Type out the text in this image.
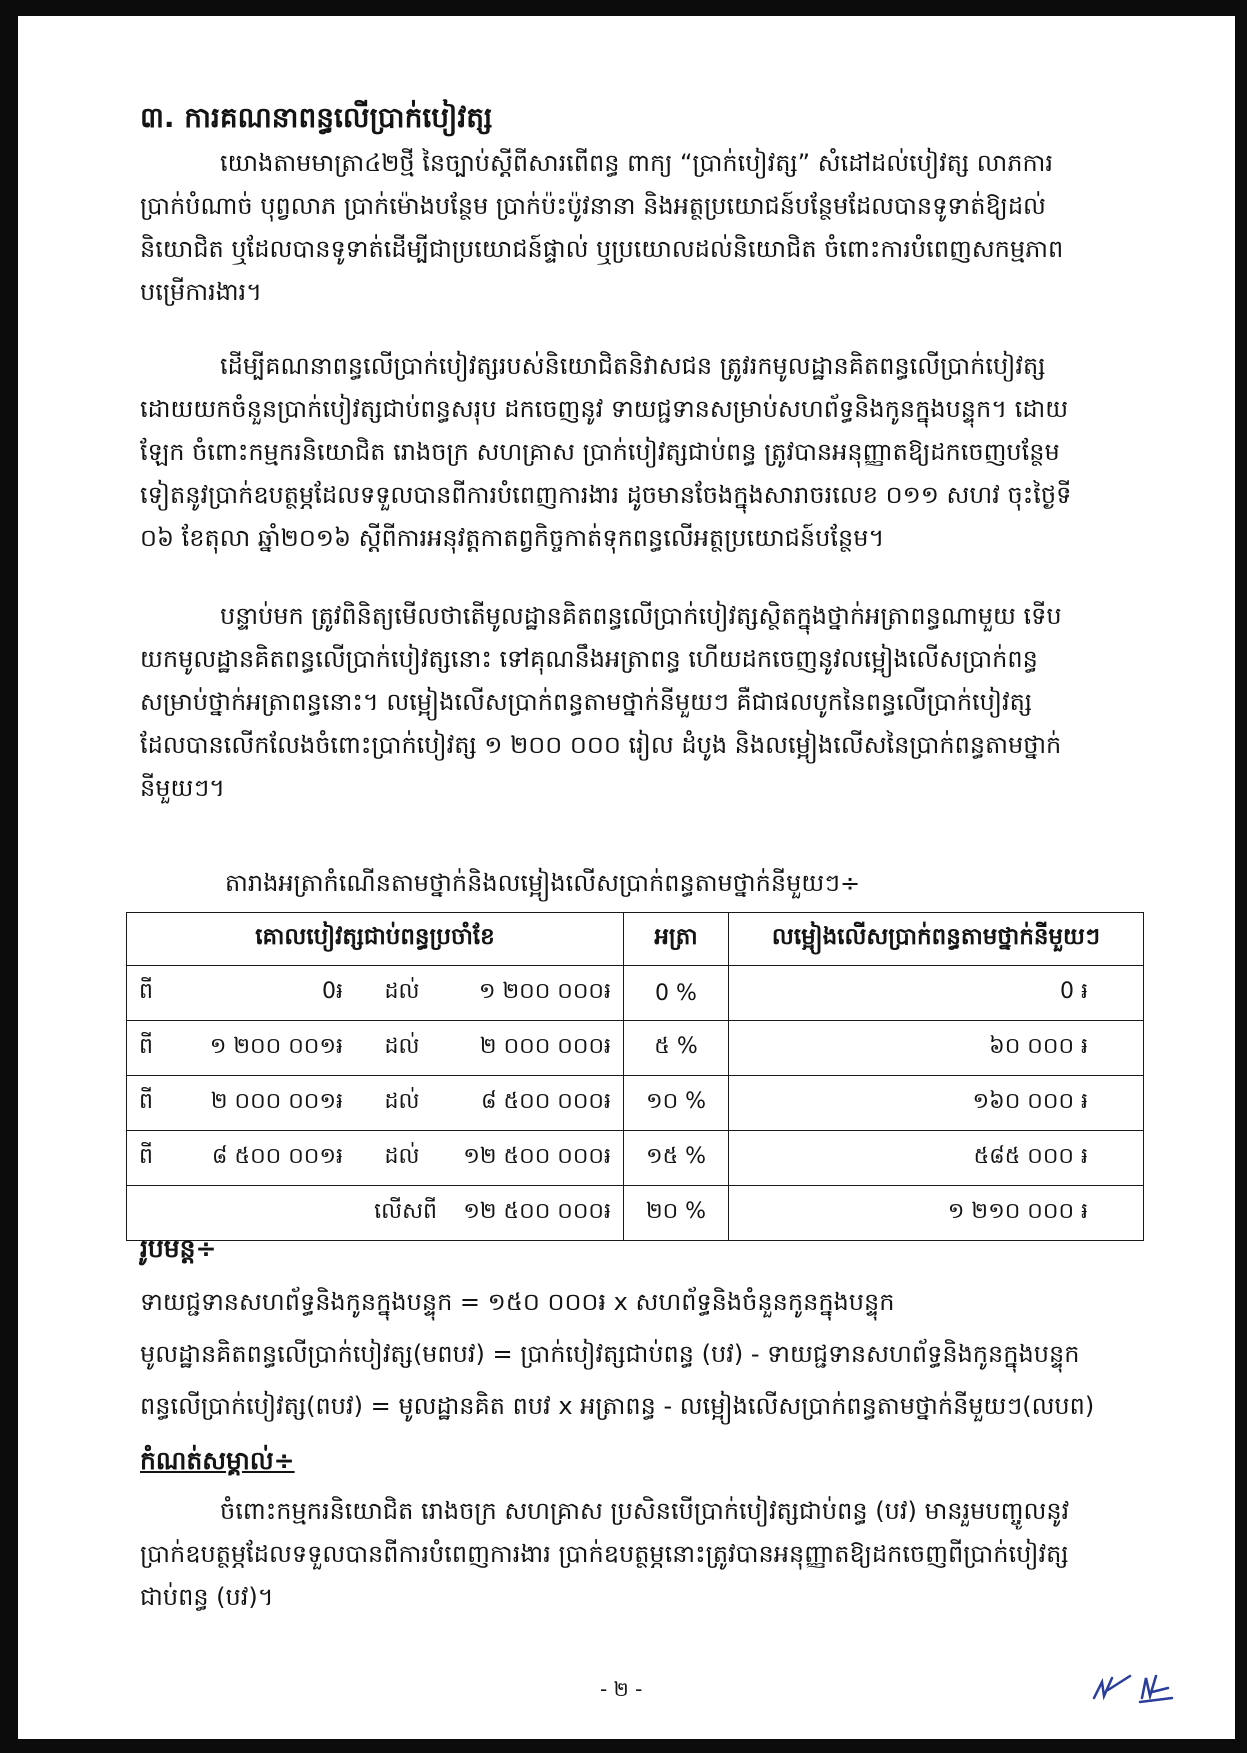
៣. ការគណនាពន្ធលើប្រាក់បៀវត្ស
យោងតាមមាត្រា៤២ថ្មី នៃច្បាប់ស្តីពីសារពើពន្ធ ពាក្យ “ប្រាក់បៀវត្ស” សំដៅដល់បៀវត្ស លាភការ
ប្រាក់បំណាច់ បុព្វលាភ ប្រាក់ម៉ោងបន្ថែម ប្រាក់ប៉ះប៉ូវនានា និងអត្ថប្រយោជន៍បន្ថែមដែលបានទូទាត់ឱ្យដល់
និយោជិត ឬដែលបានទូទាត់ដើម្បីជាប្រយោជន៍ផ្ទាល់ ឬប្រយោលដល់និយោជិត ចំពោះការបំពេញសកម្មភាព
បម្រើការងារ។
ដើម្បីគណនាពន្ធលើប្រាក់បៀវត្សរបស់និយោជិតនិវាសជន ត្រូវរកមូលដ្ឋានគិតពន្ធលើប្រាក់បៀវត្ស
ដោយយកចំនួនប្រាក់បៀវត្សជាប់ពន្ធសរុប ដកចេញនូវ ទាយជ្ជទានសម្រាប់សហព័ទ្ធនិងកូនក្នុងបន្ទុក។ ដោយ
ឡែក ចំពោះកម្មករនិយោជិត រោងចក្រ សហគ្រាស ប្រាក់បៀវត្សជាប់ពន្ធ ត្រូវបានអនុញ្ញាតឱ្យដកចេញបន្ថែម
ទៀតនូវប្រាក់ឧបត្ថម្ភដែលទទួលបានពីការបំពេញការងារ ដូចមានចែងក្នុងសារាចរលេខ ០១១ សហវ ចុះថ្ងៃទី
០៦ ខែតុលា ឆ្នាំ២០១៦ ស្តីពីការអនុវត្តកាតព្វកិច្ចកាត់ទុកពន្ធលើអត្ថប្រយោជន៍បន្ថែម។
បន្ទាប់មក ត្រូវពិនិត្យមើលថាតើមូលដ្ឋានគិតពន្ធលើប្រាក់បៀវត្សស្ថិតក្នុងថ្នាក់អត្រាពន្ធណាមួយ ទើប
យកមូលដ្ឋានគិតពន្ធលើប្រាក់បៀវត្សនោះ ទៅគុណនឹងអត្រាពន្ធ ហើយដកចេញនូវលម្អៀងលើសប្រាក់ពន្ធ
សម្រាប់ថ្នាក់អត្រាពន្ធនោះ។ លម្អៀងលើសប្រាក់ពន្ធតាមថ្នាក់នីមួយៗ គឺជាផលបូកនៃពន្ធលើប្រាក់បៀវត្ស
ដែលបានលើកលែងចំពោះប្រាក់បៀវត្ស ១ ២០០ ០០០ រៀល ដំបូង និងលម្អៀងលើសនៃប្រាក់ពន្ធតាមថ្នាក់
នីមួយៗ។
តារាងអត្រាកំណើនតាមថ្នាក់និងលម្អៀងលើសប្រាក់ពន្ធតាមថ្នាក់នីមួយៗ÷
គោលបៀវត្សជាប់ពន្ធប្រចាំខែ				អត្រា	លម្អៀងលើសប្រាក់ពន្ធតាមថ្នាក់នីមួយៗ
ពី	0៛	ដល់	១ ២០០ ០០០៛	0 %	0 ៛
ពី	១ ២០០ ០០១៛	ដល់	២ ០០០ ០០០៛	៥ %	៦០ ០០០ ៛
ពី	២ ០០០ ០០១៛	ដល់	៨ ៥០០ ០០០៛	១០ %	១៦០ ០០០ ៛
ពី	៨ ៥០០ ០០១៛	ដល់	១២ ៥០០ ០០០៛	១៥ %	៥៨៥ ០០០ ៛
		លើសពី	១២ ៥០០ ០០០៛	២០ %	១ ២១០ ០០០ ៛
រូបមន្ត÷
ទាយជ្ជទានសហព័ទ្ធនិងកូនក្នុងបន្ទុក = ១៥០ ០០០៛ x សហព័ទ្ធនិងចំនួនកូនក្នុងបន្ទុក
មូលដ្ឋានគិតពន្ធលើប្រាក់បៀវត្ស(មពបវ) = ប្រាក់បៀវត្សជាប់ពន្ធ (បវ) - ទាយជ្ជទានសហព័ទ្ធនិងកូនក្នុងបន្ទុក
ពន្ធលើប្រាក់បៀវត្ស(ពបវ) = មូលដ្ឋានគិត ពបវ x អត្រាពន្ធ - លម្អៀងលើសប្រាក់ពន្ធតាមថ្នាក់នីមួយៗ(លបព)
កំណត់សម្គាល់÷
ចំពោះកម្មករនិយោជិត រោងចក្រ សហគ្រាស ប្រសិនបើប្រាក់បៀវត្សជាប់ពន្ធ (បវ) មានរួមបញ្ចូលនូវ
ប្រាក់ឧបត្ថម្ភដែលទទួលបានពីការបំពេញការងារ ប្រាក់ឧបត្ថម្ភនោះត្រូវបានអនុញ្ញាតឱ្យដកចេញពីប្រាក់បៀវត្ស
ជាប់ពន្ធ (បវ)។
- ២ -
